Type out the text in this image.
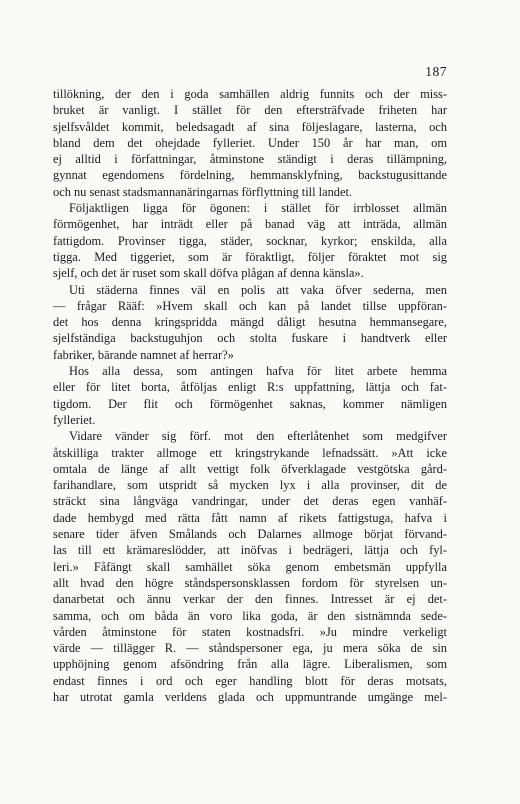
187
tillökning, der den i goda samhällen aldrig funnits och der miss-
bruket är vanligt. I stället för den eftersträfvade friheten har
sjelfsvåldet kommit, beledsagadt af sina följeslagare, lasterna, och
bland dem det ohejdade fylleriet. Under 150 år har man, om
ej alltid i författningar, åtminstone ständigt i deras tillämpning,
gynnat egendomens fördelning, hemmansklyfning, backstugusittande
och nu senast stadsmannanäringarnas förflyttning till landet.
Följaktligen ligga för ögonen: i stället för irrblosset allmän
förmögenhet, har inträdt eller på banad väg att inträda, allmän
fattigdom. Provinser tigga, städer, socknar, kyrkor; enskilda, alla
tigga. Med tiggeriet, som är föraktligt, följer föraktet mot sig
sjelf, och det är ruset som skall döfva plågan af denna känsla».
Uti städerna finnes väl en polis att vaka öfver sederna, men
— frågar Rääf: »Hvem skall och kan på landet tillse uppföran-
det hos denna kringspridda mängd dåligt hesutna hemmansegare,
sjelfständiga backstuguhjon och stolta fuskare i handtverk eller
fabriker, bärande namnet af herrar?»
Hos alla dessa, som antingen hafva för litet arbete hemma
eller för litet borta, åtföljas enligt R:s uppfattning, lättja och fat-
tigdom. Der flit och förmögenhet saknas, kommer nämligen
fylleriet.
Vidare vänder sig förf. mot den efterlåtenhet som medgifver
åtskilliga trakter allmoge ett kringstrykande lefnadssätt. »Att icke
omtala de länge af allt vettigt folk öfverklagade vestgötska gård-
farihandlare, som utspridt så mycken lyx i alla provinser, dit de
sträckt sina långväga vandringar, under det deras egen vanhäf-
dade hembygd med rätta fått namn af rikets fattigstuga, hafva i
senare tider äfven Smålands och Dalarnes allmoge börjat förvand-
las till ett krämareslödder, att inöfvas i bedrägeri, lättja och fyl-
leri.» Fåfängt skall samhället söka genom embetsmän uppfylla
allt hvad den högre ståndspersonsklassen fordom för styrelsen un-
danarbetat och ännu verkar der den finnes. Intresset är ej det-
samma, och om båda än voro lika goda, är den sistnämnda sede-
vården åtminstone för staten kostnadsfri. »Ju mindre verkeligt
värde — tillägger R. — ståndspersoner ega, ju mera söka de sin
upphöjning genom afsöndring från alla lägre. Liberalismen, som
endast finnes i ord och eger handling blott för deras motsats,
har utrotat gamla verldens glada och uppmuntrande umgänge mel-
